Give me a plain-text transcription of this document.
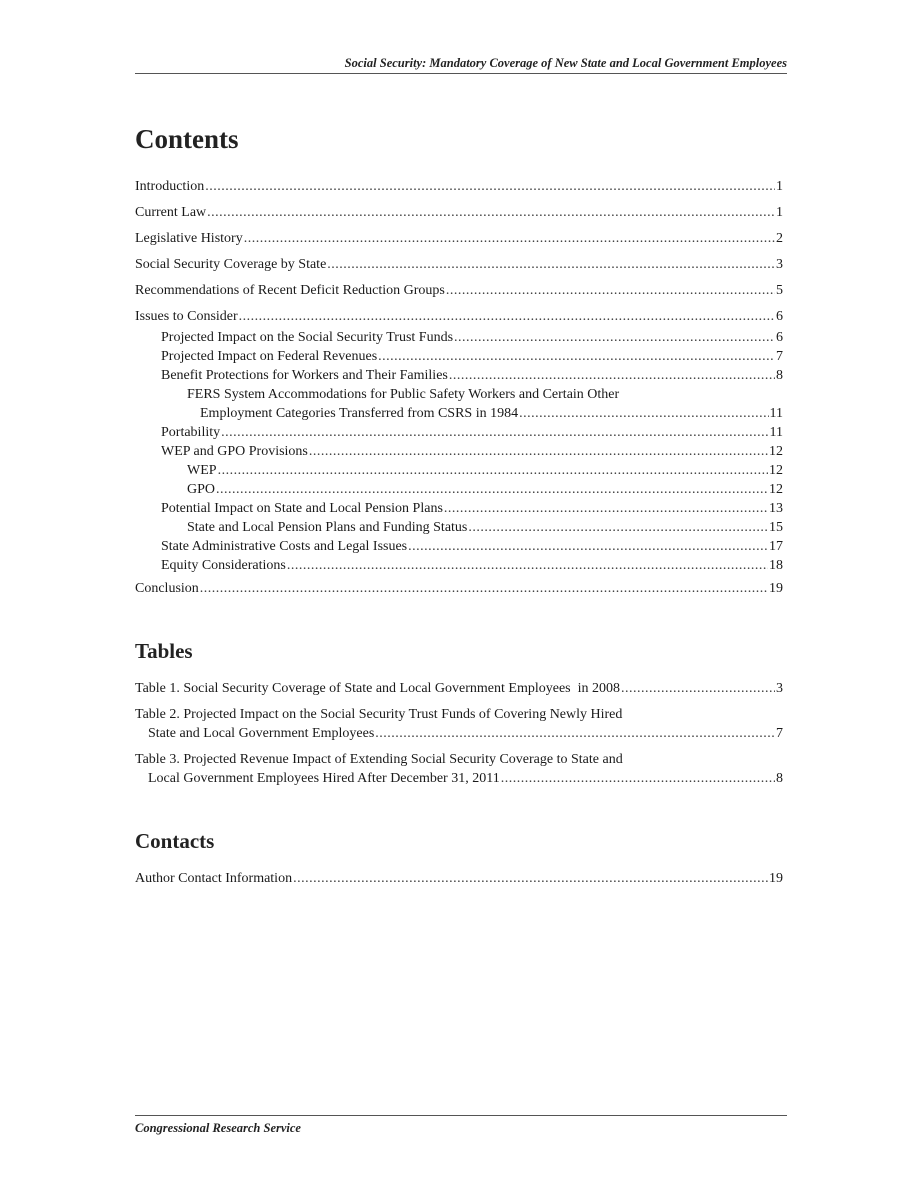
Social Security: Mandatory Coverage of New State and Local Government Employees
Contents
Introduction .....	1
Current Law .....	1
Legislative History .....	2
Social Security Coverage by State .....	3
Recommendations of Recent Deficit Reduction Groups .....	5
Issues to Consider .....	6
Projected Impact on the Social Security Trust Funds .....	6
Projected Impact on Federal Revenues .....	7
Benefit Protections for Workers and Their Families .....	8
FERS System Accommodations for Public Safety Workers and Certain Other
Employment Categories Transferred from CSRS in 1984 .....	11
Portability .....	11
WEP and GPO Provisions .....	12
WEP .....	12
GPO .....	12
Potential Impact on State and Local Pension Plans .....	13
State and Local Pension Plans and Funding Status .....	15
State Administrative Costs and Legal Issues .....	17
Equity Considerations .....	18
Conclusion .....	19
Table 1. Social Security Coverage of State and Local Government Employees  in 2008 .....	3
Table 2. Projected Impact on the Social Security Trust Funds of Covering Newly Hired
State and Local Government Employees .....	7
Table 3. Projected Revenue Impact of Extending Social Security Coverage to State and
Local Government Employees Hired After December 31, 2011 .....	8
Author Contact Information .....	19
Tables
Contacts
Congressional Research Service
